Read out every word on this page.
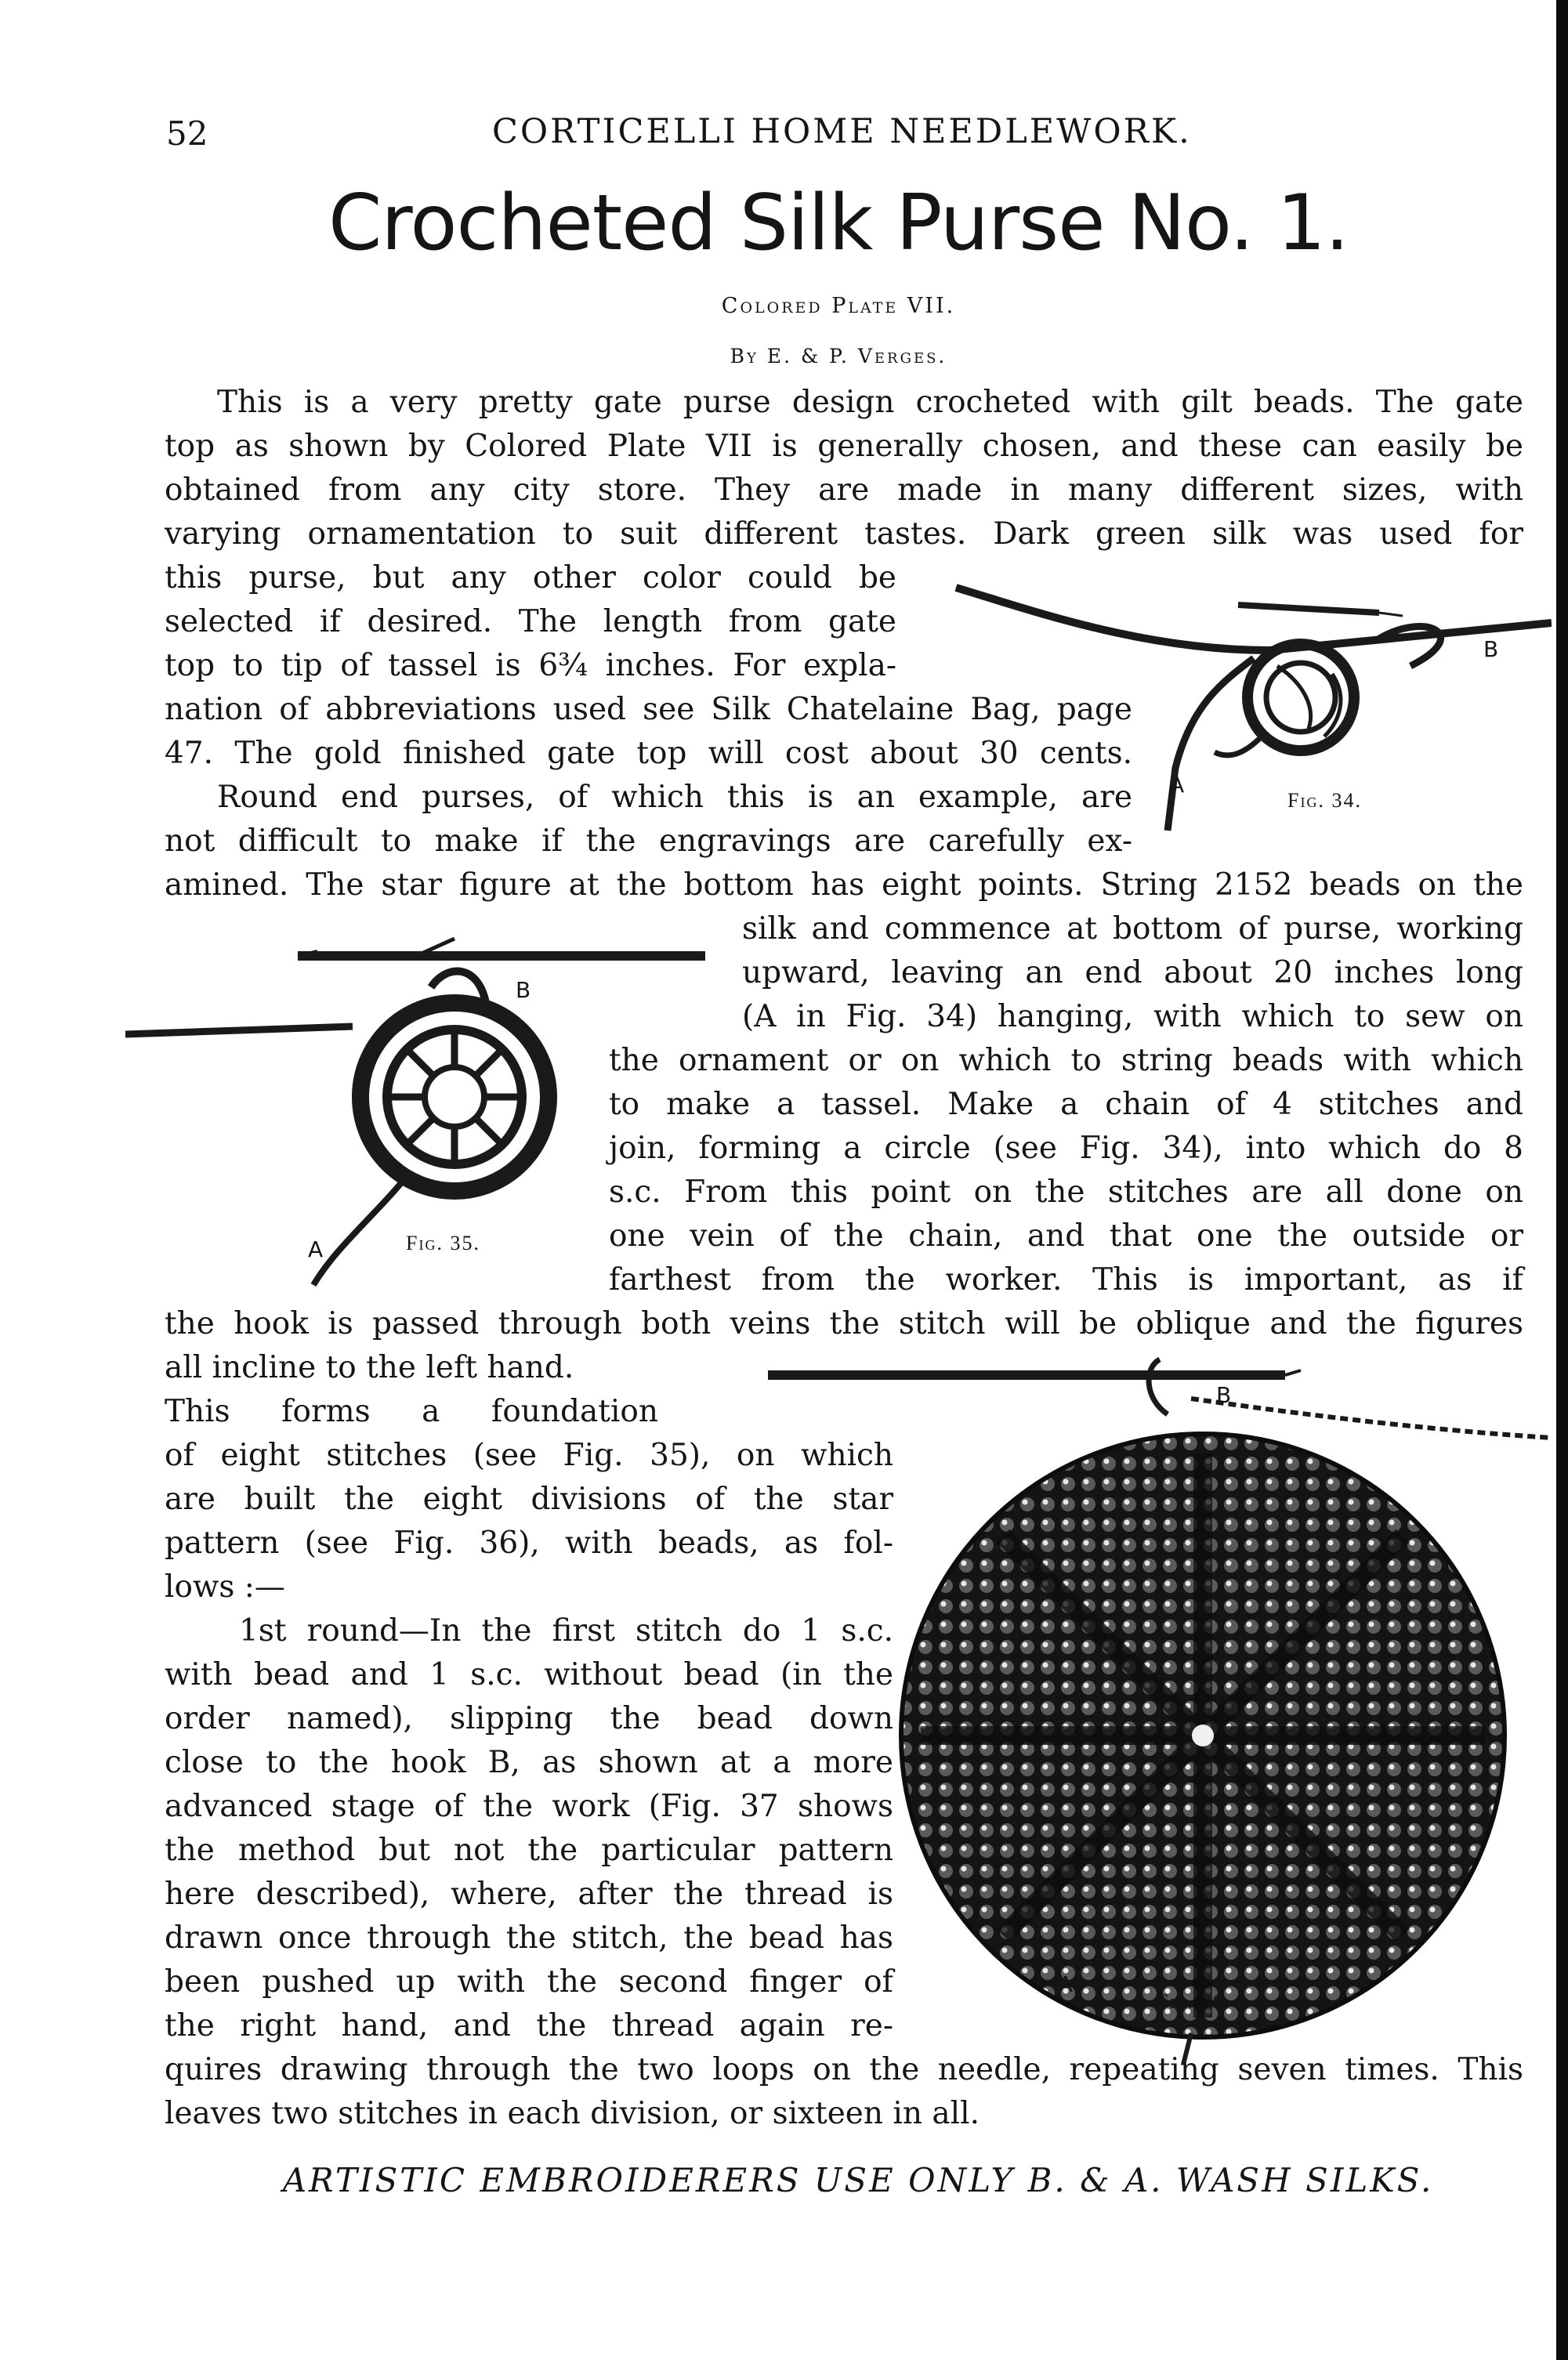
52	CORTICELLI HOME NEEDLEWORK.
Crocheted Silk Purse No. 1.
Colored Plate VII.
By E. & P. Verges.
This is a very pretty gate purse design crocheted with gilt beads. The gate
top as shown by Colored Plate VII is generally chosen, and these can easily be
obtained from any city store. They are made in many different sizes, with
varying ornamentation to suit different tastes. Dark green silk was used for
this purse, but any other color could be
selected if desired. The length from gate
top to tip of tassel is 6¾ inches. For expla-
nation of abbreviations used see Silk Chatelaine Bag, page
47. The gold finished gate top will cost about 30 cents.
Round end purses, of which this is an example, are
not difficult to make if the engravings are carefully ex-
amined. The star figure at the bottom has eight points. String 2152 beads on the
silk and commence at bottom of purse, working
upward, leaving an end about 20 inches long
(A in Fig. 34) hanging, with which to sew on
the ornament or on which to string beads with which
to make a tassel. Make a chain of 4 stitches and
join, forming a circle (see Fig. 34), into which do 8
s.c. From this point on the stitches are all done on
one vein of the chain, and that one the outside or
farthest from the worker. This is important, as if
the hook is passed through both veins the stitch will be oblique and the figures
all incline to the left hand.
This forms a foundation
of eight stitches (see Fig. 35), on which
are built the eight divisions of the star
pattern (see Fig. 36), with beads, as fol-
lows :—
1st round—In the first stitch do 1 s.c.
with bead and 1 s.c. without bead (in the
order named), slipping the bead down
close to the hook B, as shown at a more
advanced stage of the work (Fig. 37 shows
the method but not the particular pattern
here described), where, after the thread is
drawn once through the stitch, the bead has
been pushed up with the second finger of
the right hand, and the thread again re-
quires drawing through the two loops on the needle, repeating seven times. This
leaves two stitches in each division, or sixteen in all.
B
A
Fig. 34.
B
A	Fig. 35.
B
A
Fig. 36.
ARTISTIC EMBROIDERERS USE ONLY B. & A. WASH SILKS.
